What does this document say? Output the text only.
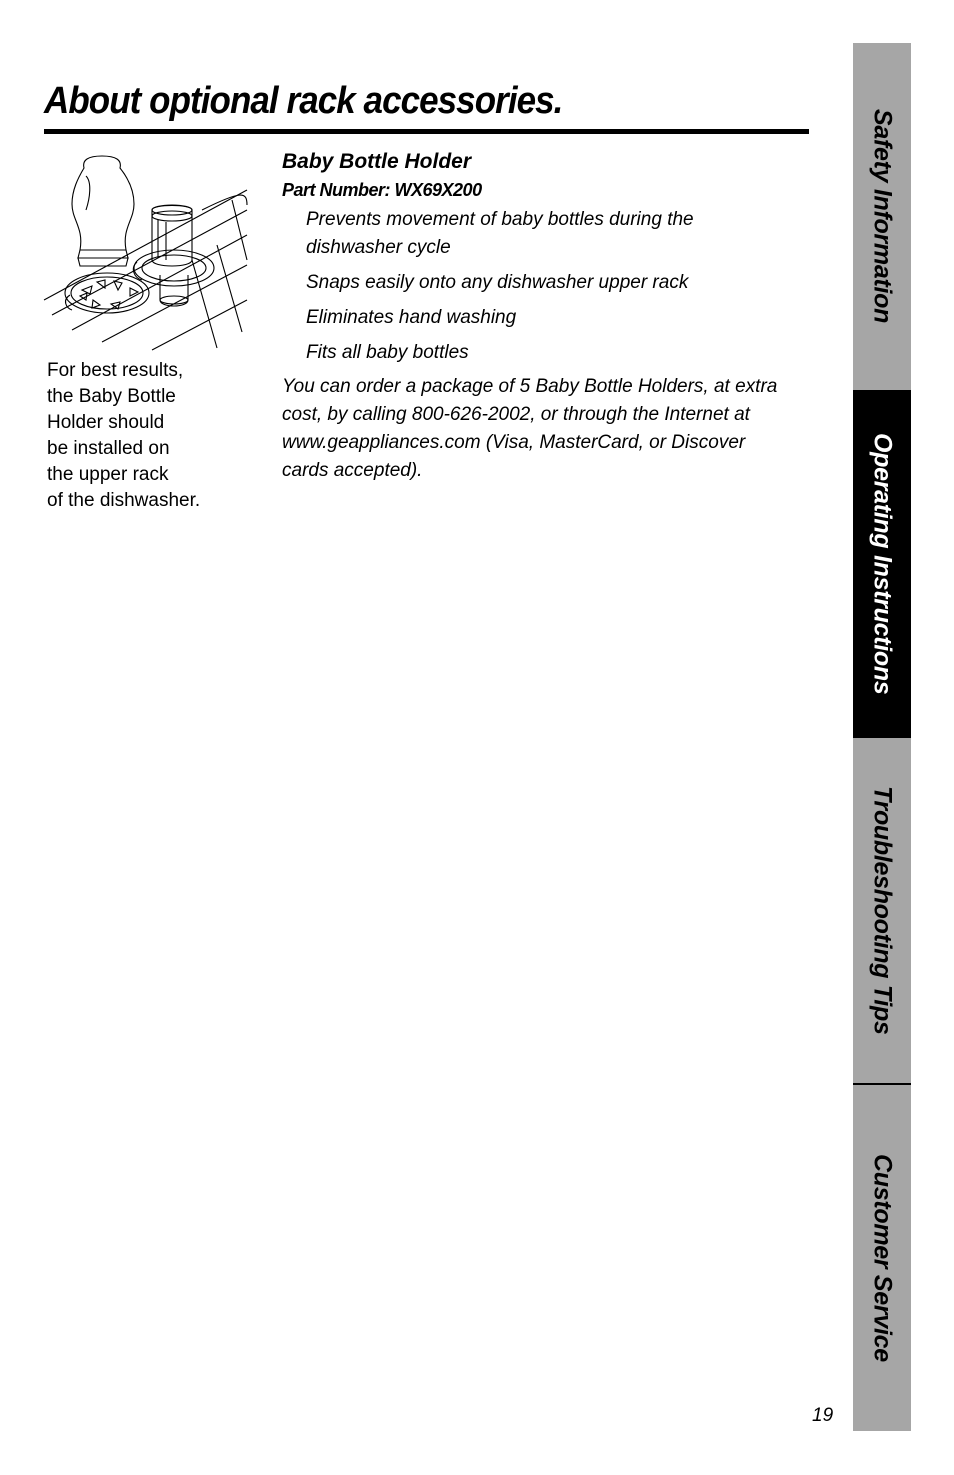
About optional rack accessories.
For best results,
the Baby Bottle
Holder should
be installed on
the upper rack
of the dishwasher.
Baby Bottle Holder
Part Number: WX69X200
Prevents movement of baby bottles during the dishwasher cycle
Snaps easily onto any dishwasher upper rack
Eliminates hand washing
Fits all baby bottles

You can order a package of 5 Baby Bottle Holders, at extra cost, by calling 800-626-2002, or through the Internet at www.geappliances.com (Visa, MasterCard, or Discover cards accepted).

Safety Information
Operating Instructions
Troubleshooting Tips
Customer Service
19
